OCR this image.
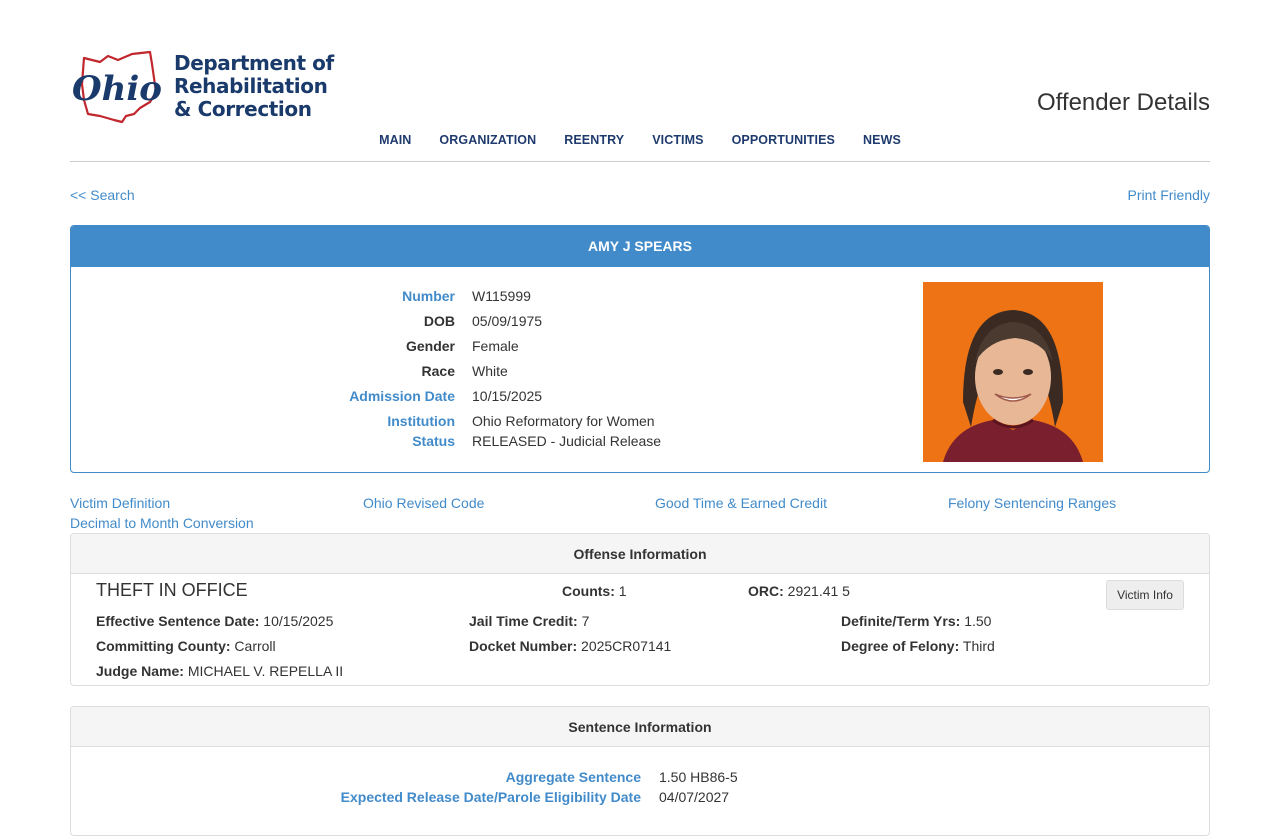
Ohio
Department of
Rehabilitation
& Correction	Offender Details
MAIN ORGANIZATION REENTRY VICTIMS OPPORTUNITIES NEWS
<< Search	Print Friendly
AMY J SPEARS
Number W115999
DOB 05/09/1975
Gender Female
Race White
Admission Date 10/15/2025
Institution Ohio Reformatory for Women
Status RELEASED - Judicial Release
Victim Definition	Ohio Revised Code	Good Time & Earned Credit	Felony Sentencing Ranges
Decimal to Month Conversion
Offense Information
THEFT IN OFFICE	Counts: 1	ORC: 2921.41 5	Victim Info
Effective Sentence Date: 10/15/2025	Jail Time Credit: 7	Definite/Term Yrs: 1.50
Committing County: Carroll	Docket Number: 2025CR07141	Degree of Felony: Third
Judge Name: MICHAEL V. REPELLA II
Sentence Information
Aggregate Sentence 1.50 HB86-5
Expected Release Date/Parole Eligibility Date 04/07/2027
